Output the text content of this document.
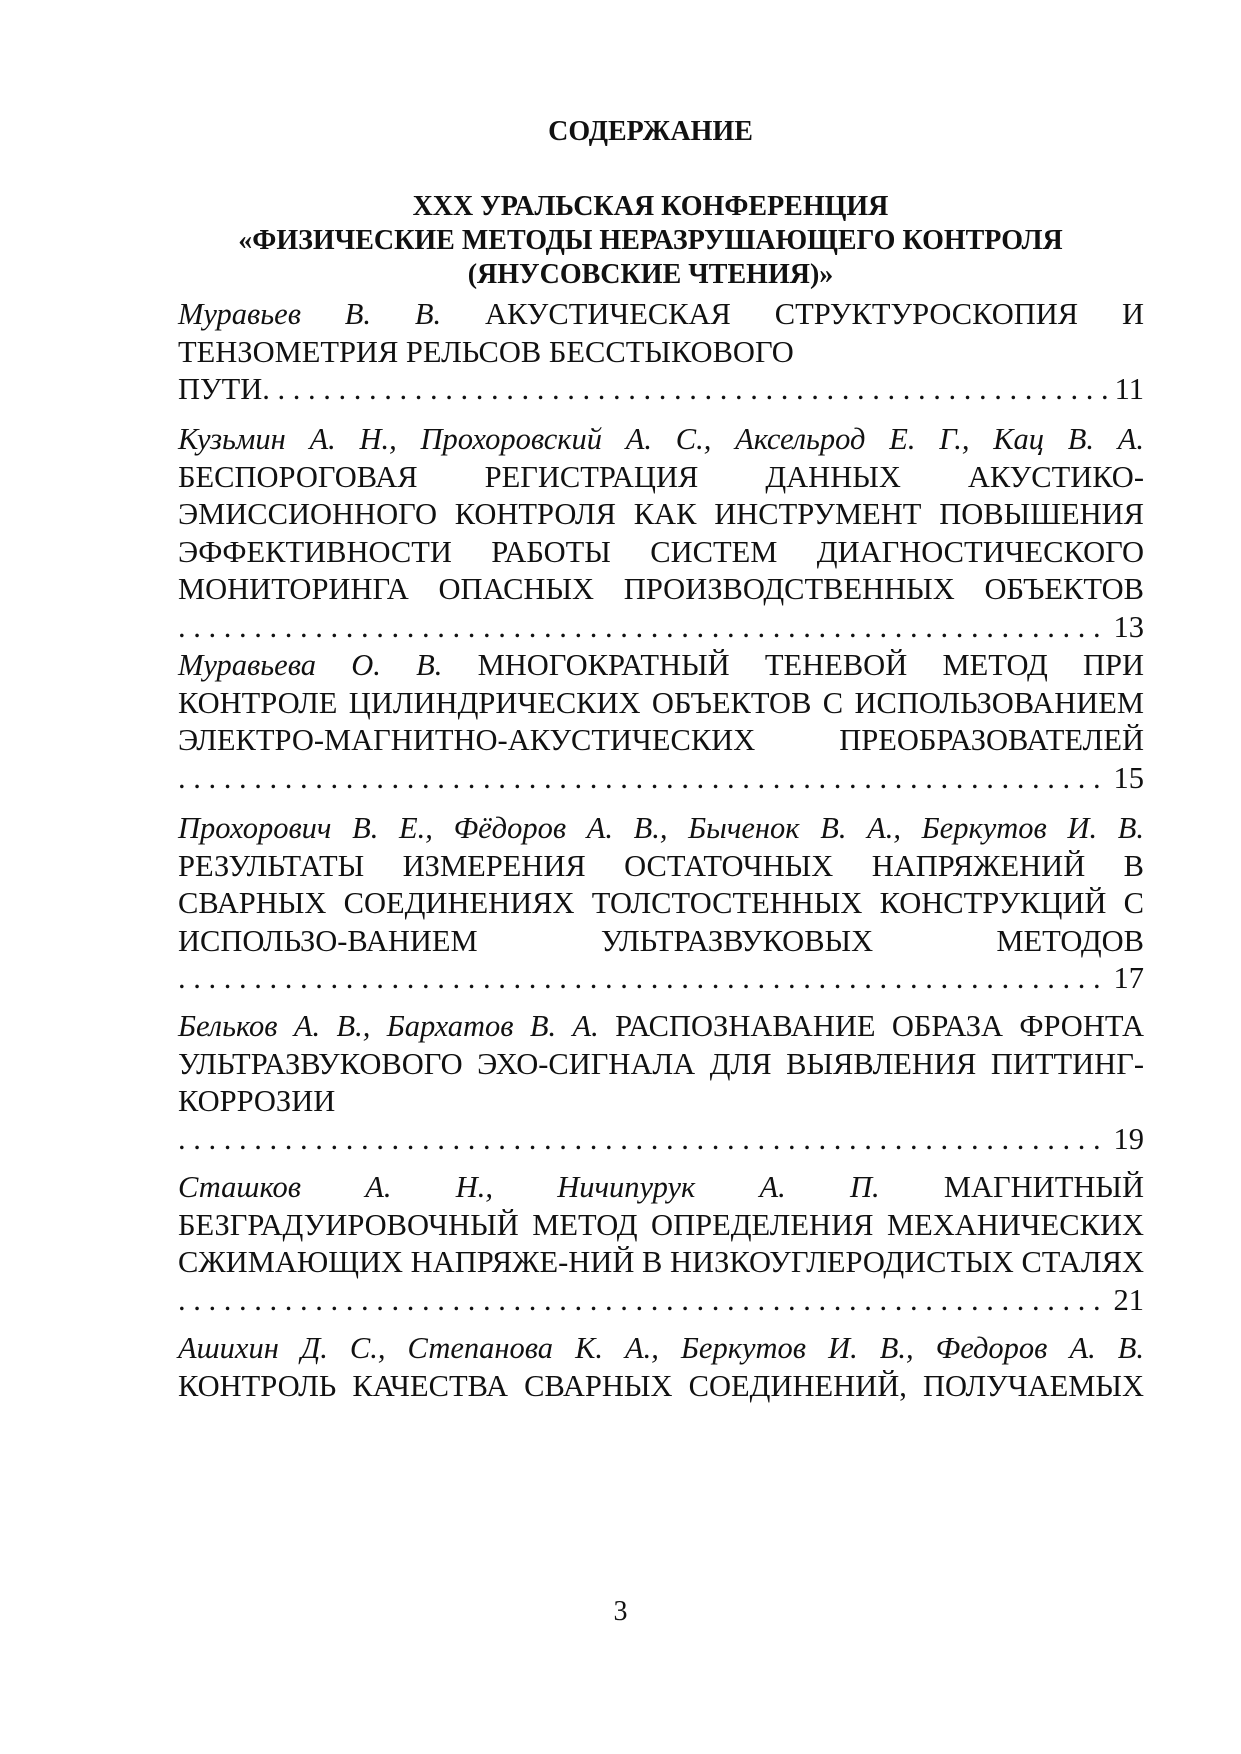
СОДЕРЖАНИЕ
XXX УРАЛЬСКАЯ КОНФЕРЕНЦИЯ
«ФИЗИЧЕСКИЕ МЕТОДЫ НЕРАЗРУШАЮЩЕГО КОНТРОЛЯ
(ЯНУСОВСКИЕ ЧТЕНИЯ)»

Муравьев В. В. АКУСТИЧЕСКАЯ СТРУКТУРОСКОПИЯ И ТЕНЗОМЕТРИЯ РЕЛЬСОВ БЕССТЫКОВОГО

ПУТИ
. . .	11

Кузьмин А. Н., Прохоровский А. С., Аксельрод Е. Г., Кац В. А. БЕСПОРОГОВАЯ РЕГИСТРАЦИЯ ДАННЫХ АКУСТИКО-ЭМИССИОННОГО КОНТРОЛЯ КАК ИНСТРУМЕНТ ПОВЫШЕНИЯ ЭФФЕКТИВНОСТИ РАБОТЫ СИСТЕМ ДИАГНОСТИЧЕСКОГО МОНИТОРИНГА ОПАСНЫХ ПРОИЗВОДСТВЕННЫХ ОБЪЕКТОВ

. . .
13

Муравьева О. В. МНОГОКРАТНЫЙ ТЕНЕВОЙ МЕТОД ПРИ КОНТРОЛЕ ЦИЛИНДРИЧЕСКИХ ОБЪЕКТОВ С ИСПОЛЬЗОВАНИЕМ ЭЛЕКТРО-МАГНИТНО-АКУСТИЧЕСКИХ ПРЕОБРАЗОВАТЕЛЕЙ

. . .
15

Прохорович В. Е., Фёдоров А. В., Быченок В. А., Беркутов И. В. РЕЗУЛЬТАТЫ ИЗМЕРЕНИЯ ОСТАТОЧНЫХ НАПРЯЖЕНИЙ В СВАРНЫХ СОЕДИНЕНИЯХ ТОЛСТОСТЕННЫХ КОНСТРУКЦИЙ С ИСПОЛЬЗО-ВАНИЕМ УЛЬТРАЗВУКОВЫХ МЕТОДОВ

. . .
17

Бельков А. В., Бархатов В. А. РАСПОЗНАВАНИЕ ОБРАЗА ФРОНТА УЛЬТРАЗВУКОВОГО ЭХО-СИГНАЛА ДЛЯ ВЫЯВЛЕНИЯ ПИТТИНГ-КОРРОЗИИ

. . .
19

Сташков А. Н., Ничипурук А. П. МАГНИТНЫЙ БЕЗГРАДУИРОВОЧНЫЙ МЕТОД ОПРЕДЕЛЕНИЯ МЕХАНИЧЕСКИХ СЖИМАЮЩИХ НАПРЯЖЕ-НИЙ В НИЗКОУГЛЕРОДИСТЫХ СТАЛЯХ

. . .
21

Ашихин Д. С., Степанова К. А., Беркутов И. В., Федоров А. В. КОНТРОЛЬ КАЧЕСТВА СВАРНЫХ СОЕДИНЕНИЙ, ПОЛУЧАЕМЫХ

3
